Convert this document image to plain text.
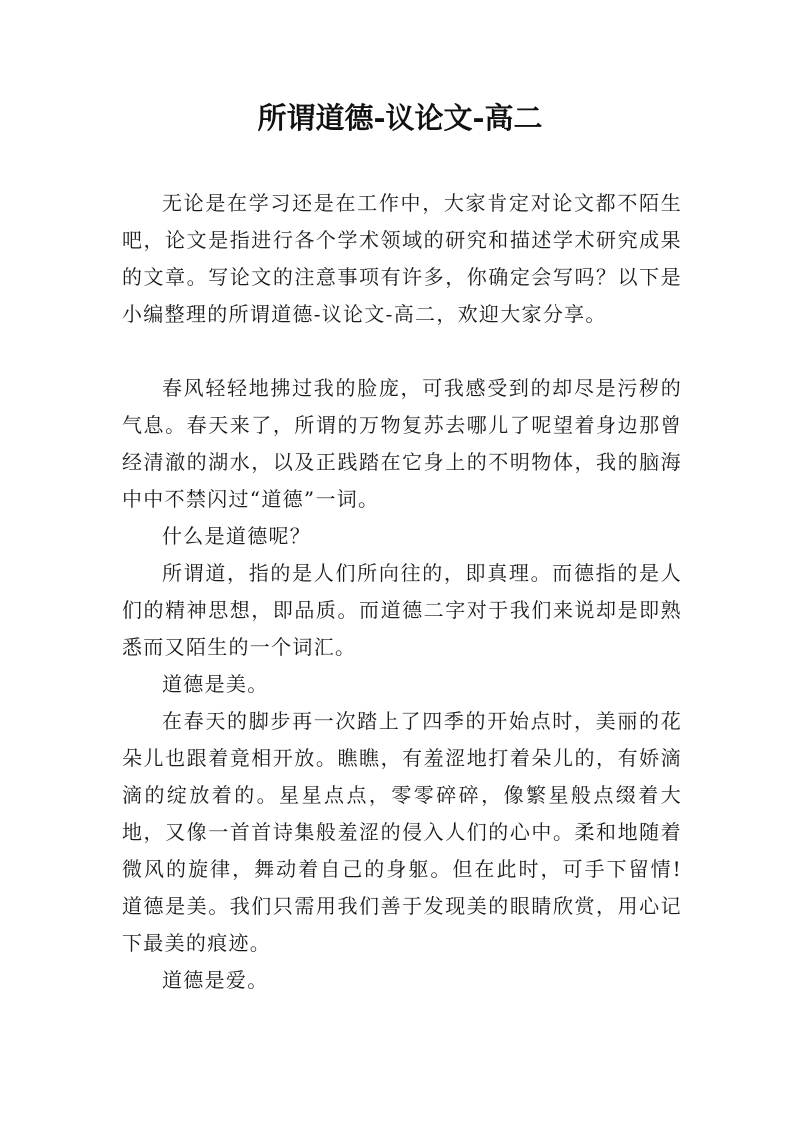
所谓道德-议论文-高二

无论是在学习还是在工作中，大家肯定对论文都不陌生吧，论文是指进行各个学术领域的研究和描述学术研究成果的文章。写论文的注意事项有许多，你确定会写吗？以下是小编整理的所谓道德-议论文-高二，欢迎大家分享。

春风轻轻地拂过我的脸庞，可我感受到的却尽是污秽的气息。春天来了，所谓的万物复苏去哪儿了呢望着身边那曾经清澈的湖水，以及正践踏在它身上的不明物体，我的脑海中中不禁闪过“道德”一词。

什么是道德呢？

所谓道，指的是人们所向往的，即真理。而德指的是人们的精神思想，即品质。而道德二字对于我们来说却是即熟悉而又陌生的一个词汇。

道德是美。

在春天的脚步再一次踏上了四季的开始点时，美丽的花朵儿也跟着竟相开放。瞧瞧，有羞涩地打着朵儿的，有娇滴滴的绽放着的。星星点点，零零碎碎，像繁星般点缀着大地，又像一首首诗集般羞涩的侵入人们的心中。柔和地随着微风的旋律，舞动着自己的身躯。但在此时，可手下留情!道德是美。我们只需用我们善于发现美的眼睛欣赏，用心记下最美的痕迹。

道德是爱。
